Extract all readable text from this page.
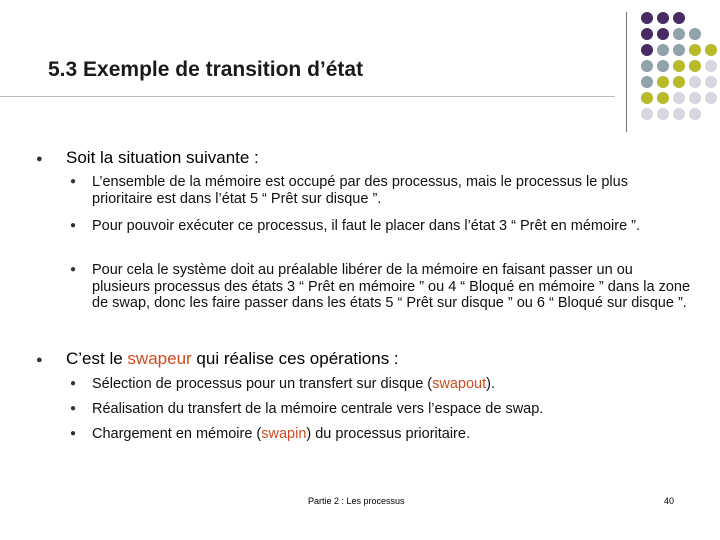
5.3 Exemple de transition d’état
● Soit la situation suivante :
● L’ensemble de la mémoire est occupé par des processus, mais le processus le plus prioritaire est dans l’état 5 “ Prêt sur disque ”.
● Pour pouvoir exécuter ce processus, il faut le placer dans l’état 3 “ Prêt en mémoire ”.
● Pour cela le système doit au préalable libérer de la mémoire en faisant passer un ou plusieurs processus des états 3 “ Prêt en mémoire ” ou 4 “ Bloqué en mémoire ” dans la zone de swap, donc les faire passer dans les états 5 “ Prêt sur disque ” ou 6 “ Bloqué sur disque ”.
● C’est le swapeur qui réalise ces opérations :
● Sélection de processus pour un transfert sur disque (swapout).
● Réalisation du transfert de la mémoire centrale vers l’espace de swap.
● Chargement en mémoire (swapin) du processus prioritaire.
Partie 2 : Les processus	40
